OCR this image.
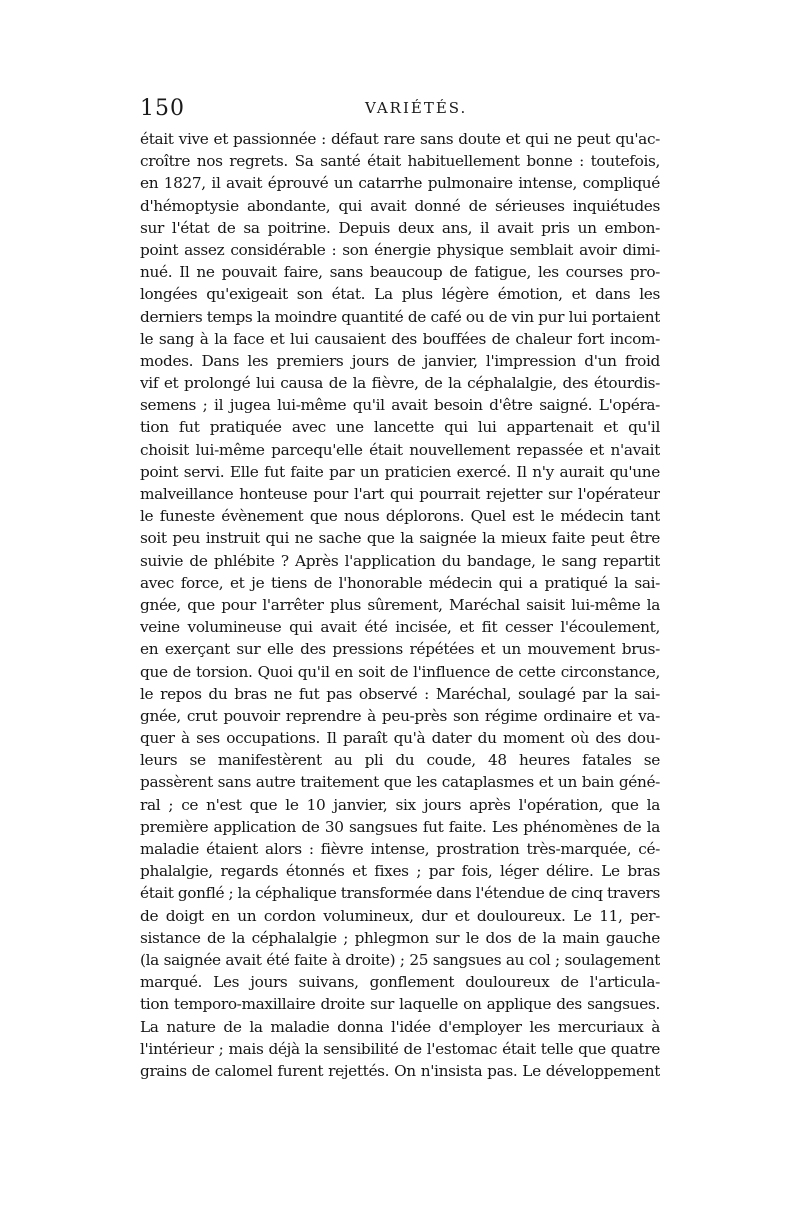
150	VARIÉTÉS.
était vive et passionnée : défaut rare sans doute et qui ne peut qu'ac-
croître nos regrets. Sa santé était habituellement bonne : toutefois,
en 1827, il avait éprouvé un catarrhe pulmonaire intense, compliqué
d'hémoptysie abondante, qui avait donné de sérieuses inquiétudes
sur l'état de sa poitrine. Depuis deux ans, il avait pris un embon-
point assez considérable : son énergie physique semblait avoir dimi-
nué. Il ne pouvait faire, sans beaucoup de fatigue, les courses pro-
longées qu'exigeait son état. La plus légère émotion, et dans les
derniers temps la moindre quantité de café ou de vin pur lui portaient
le sang à la face et lui causaient des bouffées de chaleur fort incom-
modes. Dans les premiers jours de janvier, l'impression d'un froid
vif et prolongé lui causa de la fièvre, de la céphalalgie, des étourdis-
semens ; il jugea lui-même qu'il avait besoin d'être saigné. L'opéra-
tion fut pratiquée avec une lancette qui lui appartenait et qu'il
choisit lui-même parcequ'elle était nouvellement repassée et n'avait
point servi. Elle fut faite par un praticien exercé. Il n'y aurait qu'une
malveillance honteuse pour l'art qui pourrait rejetter sur l'opérateur
le funeste évènement que nous déplorons. Quel est le médecin tant
soit peu instruit qui ne sache que la saignée la mieux faite peut être
suivie de phlébite ? Après l'application du bandage, le sang repartit
avec force, et je tiens de l'honorable médecin qui a pratiqué la sai-
gnée, que pour l'arrêter plus sûrement, Maréchal saisit lui-même la
veine volumineuse qui avait été incisée, et fit cesser l'écoulement,
en exerçant sur elle des pressions répétées et un mouvement brus-
que de torsion. Quoi qu'il en soit de l'influence de cette circonstance,
le repos du bras ne fut pas observé : Maréchal, soulagé par la sai-
gnée, crut pouvoir reprendre à peu-près son régime ordinaire et va-
quer à ses occupations. Il paraît qu'à dater du moment où des dou-
leurs se manifestèrent au pli du coude, 48 heures fatales se
passèrent sans autre traitement que les cataplasmes et un bain géné-
ral ; ce n'est que le 10 janvier, six jours après l'opération, que la
première application de 30 sangsues fut faite. Les phénomènes de la
maladie étaient alors : fièvre intense, prostration très-marquée, cé-
phalalgie, regards étonnés et fixes ; par fois, léger délire. Le bras
était gonflé ; la céphalique transformée dans l'étendue de cinq travers
de doigt en un cordon volumineux, dur et douloureux. Le 11, per-
sistance de la céphalalgie ; phlegmon sur le dos de la main gauche
(la saignée avait été faite à droite) ; 25 sangsues au col ; soulagement
marqué. Les jours suivans, gonflement douloureux de l'articula-
tion temporo-maxillaire droite sur laquelle on applique des sangsues.
La nature de la maladie donna l'idée d'employer les mercuriaux à
l'intérieur ; mais déjà la sensibilité de l'estomac était telle que quatre
grains de calomel furent rejettés. On n'insista pas. Le développement
